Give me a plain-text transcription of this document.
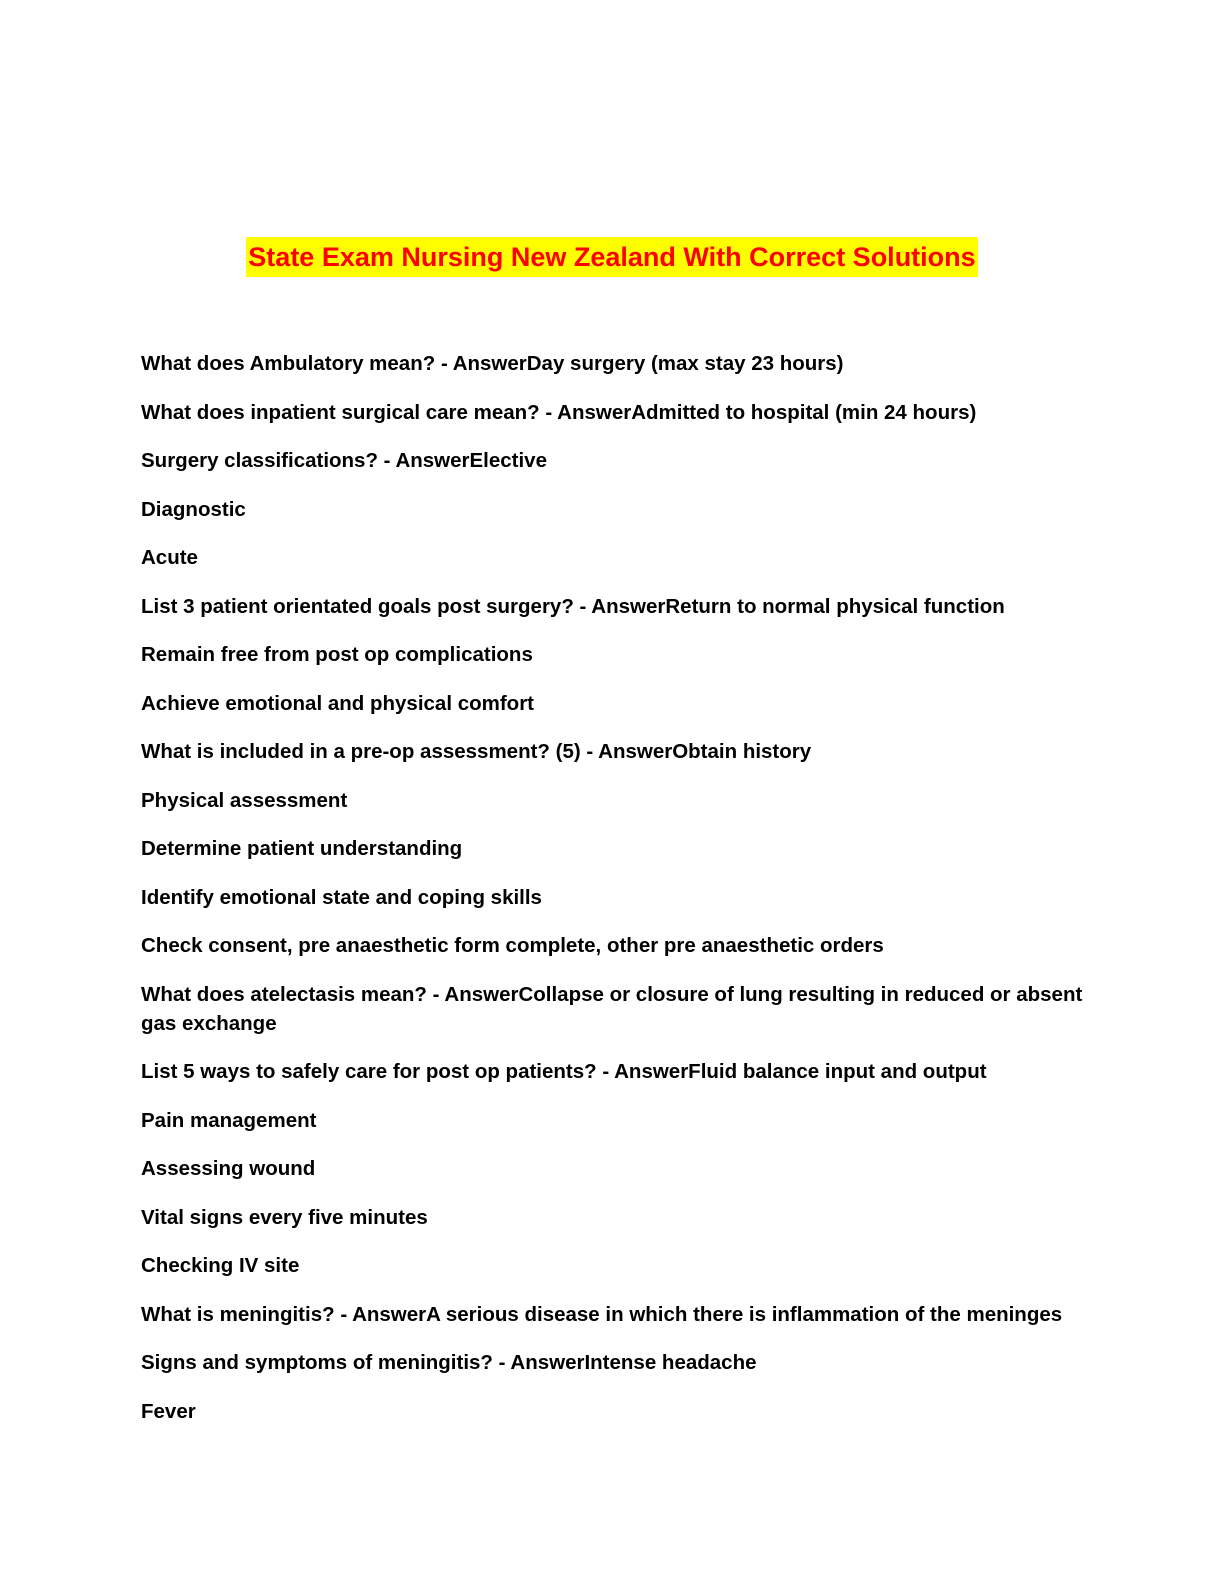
State Exam Nursing New Zealand With Correct Solutions

What does Ambulatory mean? - AnswerDay surgery (max stay 23 hours)

What does inpatient surgical care mean? - AnswerAdmitted to hospital (min 24 hours)

Surgery classifications? - AnswerElective

Diagnostic

Acute

List 3 patient orientated goals post surgery? - AnswerReturn to normal physical function

Remain free from post op complications

Achieve emotional and physical comfort

What is included in a pre-op assessment? (5) - AnswerObtain history

Physical assessment

Determine patient understanding

Identify emotional state and coping skills

Check consent, pre anaesthetic form complete, other pre anaesthetic orders

What does atelectasis mean? - AnswerCollapse or closure of lung resulting in reduced or absent gas exchange

List 5 ways to safely care for post op patients? - AnswerFluid balance input and output

Pain management

Assessing wound

Vital signs every five minutes

Checking IV site

What is meningitis? - AnswerA serious disease in which there is inflammation of the meninges

Signs and symptoms of meningitis? - AnswerIntense headache

Fever
